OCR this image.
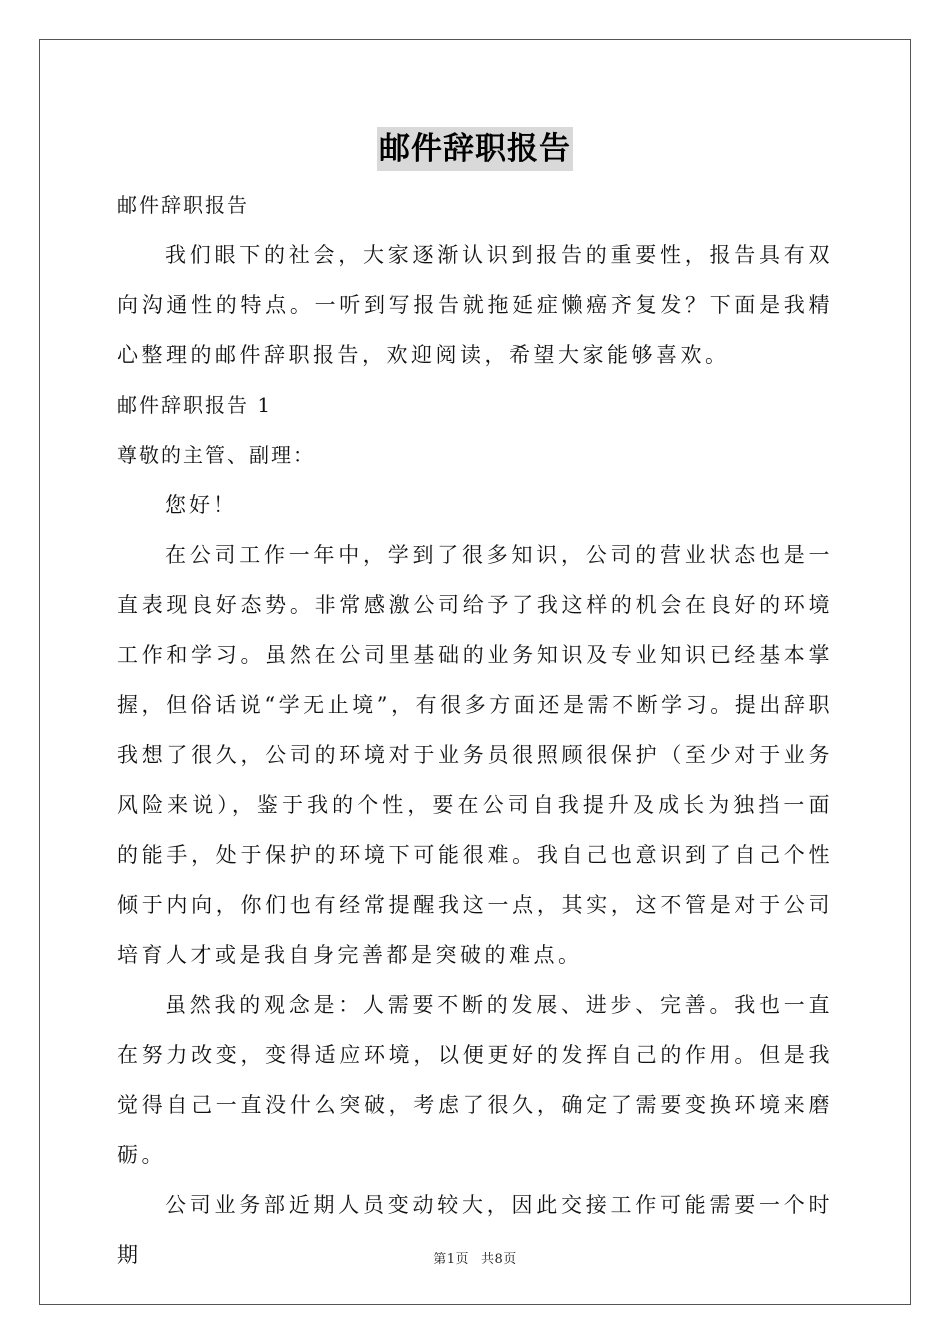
邮件辞职报告
邮件辞职报告

我们眼下的社会，大家逐渐认识到报告的重要性，报告具有双向沟通性的特点。一听到写报告就拖延症懒癌齐复发？下面是我精心整理的邮件辞职报告，欢迎阅读，希望大家能够喜欢。

邮件辞职报告 1
尊敬的主管、副理：
您好！

在公司工作一年中，学到了很多知识，公司的营业状态也是一直表现良好态势。非常感激公司给予了我这样的机会在良好的环境工作和学习。虽然在公司里基础的业务知识及专业知识已经基本掌握，但俗话说“学无止境”，有很多方面还是需不断学习。提出辞职我想了很久，公司的环境对于业务员很照顾很保护（至少对于业务风险来说），鉴于我的个性，要在公司自我提升及成长为独挡一面的能手，处于保护的环境下可能很难。我自己也意识到了自己个性倾于内向，你们也有经常提醒我这一点，其实，这不管是对于公司培育人才或是我自身完善都是突破的难点。

虽然我的观念是：人需要不断的发展、进步、完善。我也一直在努力改变，变得适应环境，以便更好的发挥自己的作用。但是我觉得自己一直没什么突破，考虑了很久，确定了需要变换环境来磨砺。

公司业务部近期人员变动较大，因此交接工作可能需要一个时期	第1页 共8页
